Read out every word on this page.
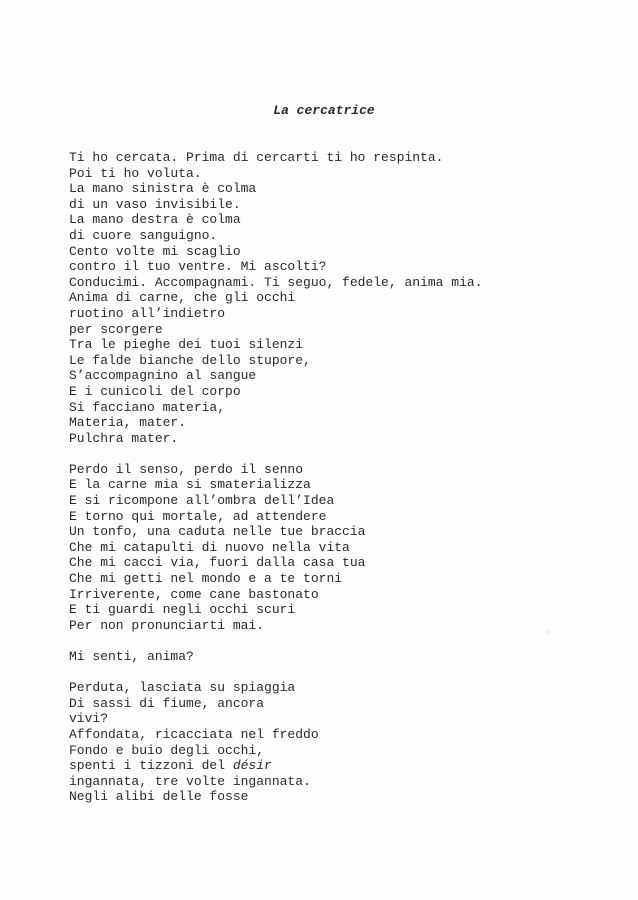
La cercatrice
Ti ho cercata. Prima di cercarti ti ho respinta.
Poi ti ho voluta.
La mano sinistra è colma
di un vaso invisibile.
La mano destra è colma
di cuore sanguigno.
Cento volte mi scaglio
contro il tuo ventre. Mi ascolti?
Conducimi. Accompagnami. Ti seguo, fedele, anima mia.
Anima di carne, che gli occhi
ruotino all’indietro
per scorgere
Tra le pieghe dei tuoi silenzi
Le falde bianche dello stupore,
S’accompagnino al sangue
E i cunicoli del corpo
Si facciano materia,
Materia, mater.
Pulchra mater.
Perdo il senso, perdo il senno
E la carne mia si smaterializza
E si ricompone all’ombra dell’Idea
E torno qui mortale, ad attendere
Un tonfo, una caduta nelle tue braccia
Che mi catapulti di nuovo nella vita
Che mi cacci via, fuori dalla casa tua
Che mi getti nel mondo e a te torni
Irriverente, come cane bastonato
E ti guardi negli occhi scuri
Per non pronunciarti mai.
Mi senti, anima?
Perduta, lasciata su spiaggia
Di sassi di fiume, ancora
vivi?
Affondata, ricacciata nel freddo
Fondo e buio degli occhi,
spenti i tizzoni del désir
ingannata, tre volte ingannata.
Negli alibi delle fosse
